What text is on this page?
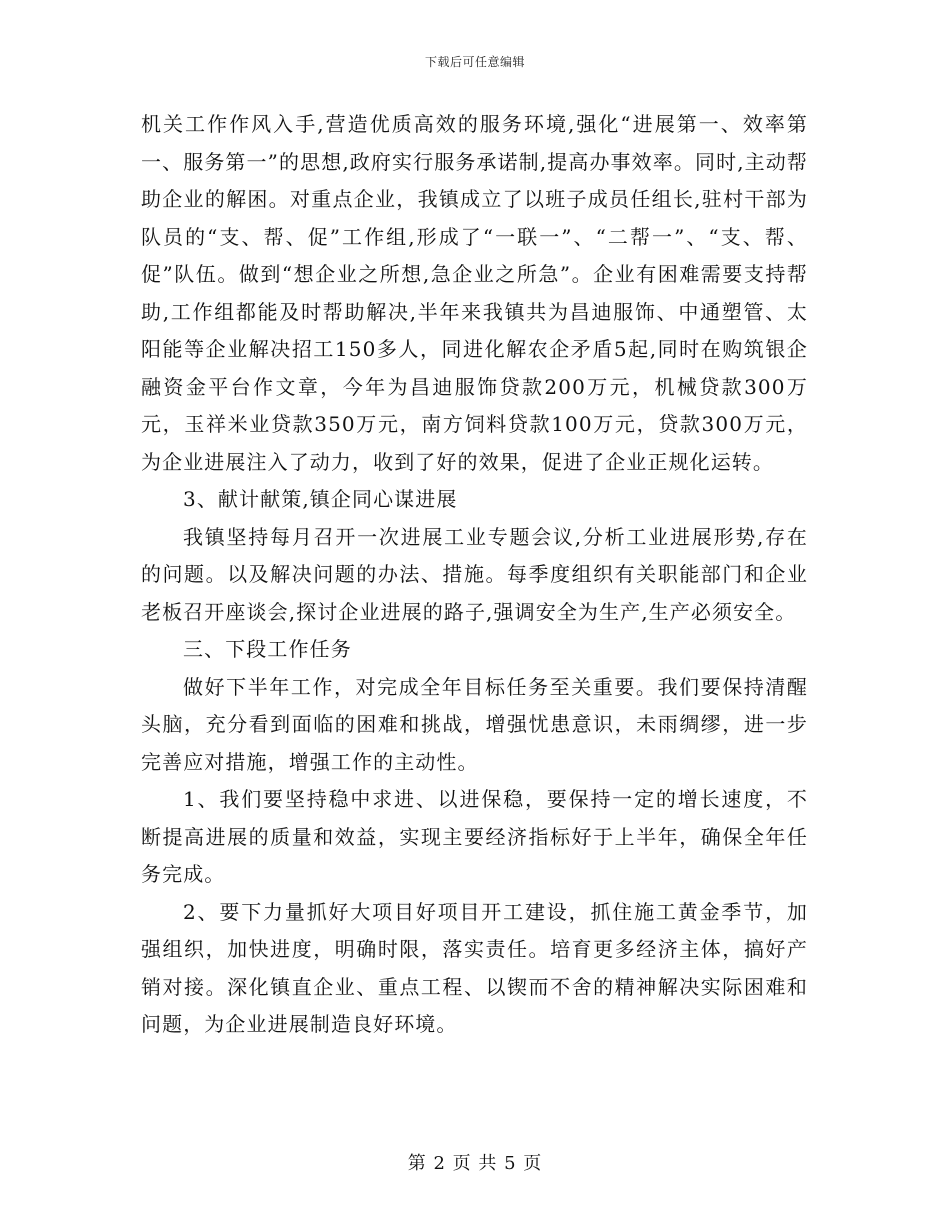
下载后可任意编辑

机关工作作风入手,营造优质高效的服务环境,强化“进展第一、效率第一、服务第一”的思想,政府实行服务承诺制,提高办事效率。同时,主动帮助企业的解困。对重点企业，我镇成立了以班子成员任组长,驻村干部为队员的“支、帮、促”工作组,形成了“一联一”、“二帮一”、“支、帮、促”队伍。做到“想企业之所想,急企业之所急”。企业有困难需要支持帮助,工作组都能及时帮助解决,半年来我镇共为昌迪服饰、中通塑管、太阳能等企业解决招工150多人，同进化解农企矛盾5起,同时在购筑银企融资金平台作文章，今年为昌迪服饰贷款200万元，机械贷款300万元，玉祥米业贷款350万元，南方饲料贷款100万元，贷款300万元，为企业进展注入了动力，收到了好的效果，促进了企业正规化运转。

3、献计献策,镇企同心谋进展

我镇坚持每月召开一次进展工业专题会议,分析工业进展形势,存在的问题。以及解决问题的办法、措施。每季度组织有关职能部门和企业老板召开座谈会,探讨企业进展的路子,强调安全为生产,生产必须安全。

三、下段工作任务

做好下半年工作，对完成全年目标任务至关重要。我们要保持清醒头脑，充分看到面临的困难和挑战，增强忧患意识，未雨绸缪，进一步完善应对措施，增强工作的主动性。

1、我们要坚持稳中求进、以进保稳，要保持一定的增长速度，不断提高进展的质量和效益，实现主要经济指标好于上半年，确保全年任务完成。

2、要下力量抓好大项目好项目开工建设，抓住施工黄金季节，加强组织，加快进度，明确时限，落实责任。培育更多经济主体，搞好产销对接。深化镇直企业、重点工程、以锲而不舍的精神解决实际困难和问题，为企业进展制造良好环境。

第 2 页 共 5 页
